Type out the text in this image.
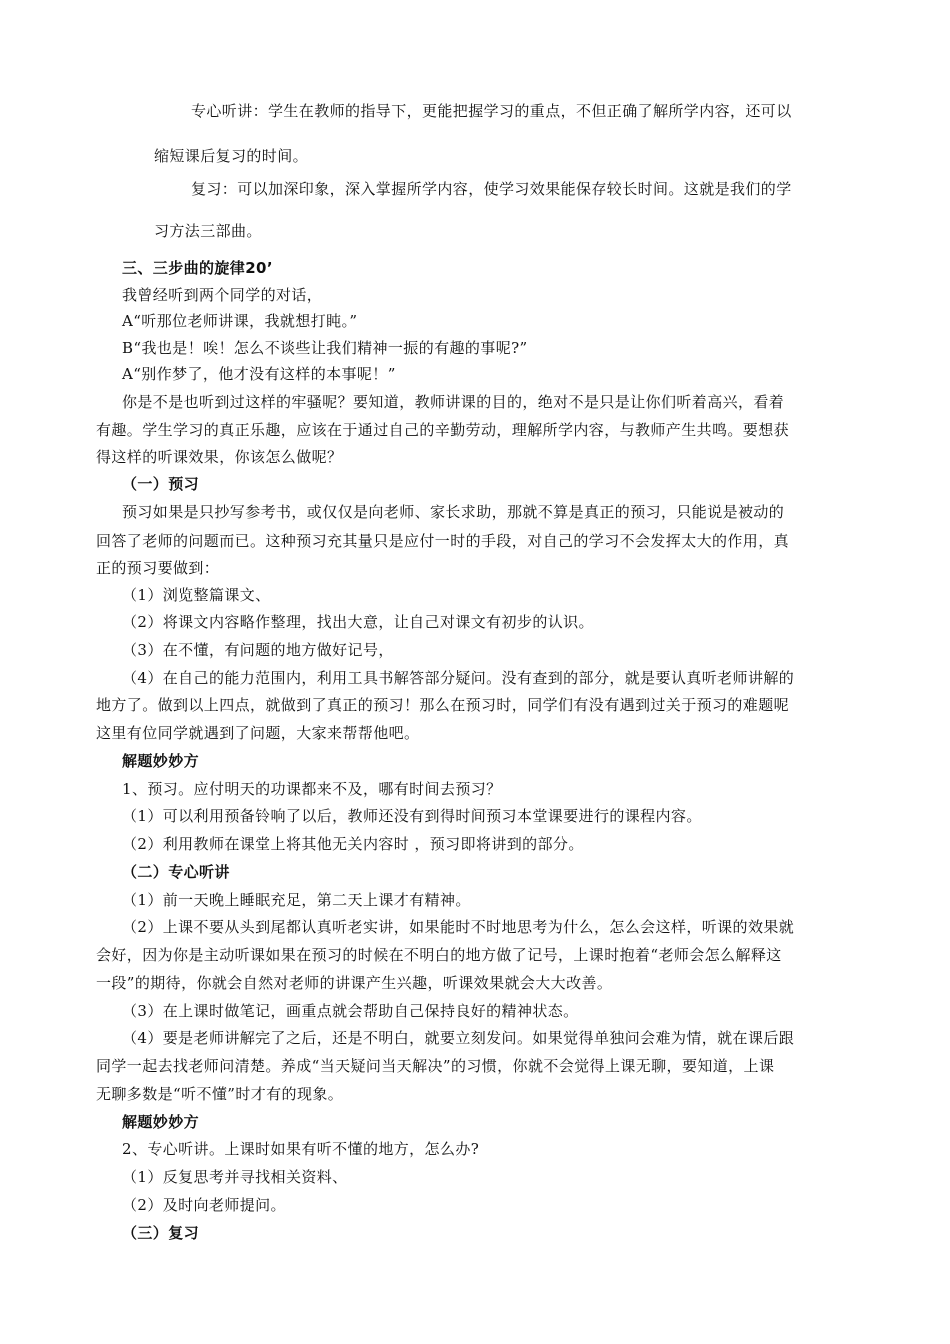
专心听讲：学生在教师的指导下，更能把握学习的重点，不但正确了解所学内容，还可以
缩短课后复习的时间。
复习：可以加深印象，深入掌握所学内容，使学习效果能保存较长时间。这就是我们的学
习方法三部曲。
三、三步曲的旋律20’
我曾经听到两个同学的对话，
A“听那位老师讲课，我就想打盹。”
B“我也是！唉！怎么不谈些让我们精神一振的有趣的事呢?”
A“别作梦了，他才没有这样的本事呢！”
你是不是也听到过这样的牢骚呢？要知道，教师讲课的目的，绝对不是只是让你们听着高兴，看着
有趣。学生学习的真正乐趣，应该在于通过自己的辛勤劳动，理解所学内容，与教师产生共鸣。要想获
得这样的听课效果，你该怎么做呢？
（一）预习
预习如果是只抄写参考书，或仅仅是向老师、家长求助，那就不算是真正的预习，只能说是被动的
回答了老师的问题而已。这种预习充其量只是应付一时的手段，对自己的学习不会发挥太大的作用，真
正的预习要做到：
（1）浏览整篇课文、
（2）将课文内容略作整理，找出大意，让自己对课文有初步的认识。
（3）在不懂，有问题的地方做好记号，
（4）在自己的能力范围内，利用工具书解答部分疑问。没有查到的部分，就是要认真听老师讲解的
地方了。做到以上四点，就做到了真正的预习！那么在预习时，同学们有没有遇到过关于预习的难题呢
这里有位同学就遇到了问题，大家来帮帮他吧。
解题妙妙方
1、预习。应付明天的功课都来不及，哪有时间去预习？
（1）可以利用预备铃响了以后，教师还没有到得时间预习本堂课要进行的课程内容。
（2）利用教师在课堂上将其他无关内容时 ，预习即将讲到的部分。
（二）专心听讲
（1）前一天晚上睡眠充足，第二天上课才有精神。
（2）上课不要从头到尾都认真听老实讲，如果能时不时地思考为什么，怎么会这样，听课的效果就
会好，因为你是主动听课如果在预习的时候在不明白的地方做了记号，上课时抱着“老师会怎么解释这
一段”的期待，你就会自然对老师的讲课产生兴趣，听课效果就会大大改善。
（3）在上课时做笔记，画重点就会帮助自己保持良好的精神状态。
（4）要是老师讲解完了之后，还是不明白，就要立刻发问。如果觉得单独问会难为情，就在课后跟
同学一起去找老师问清楚。养成“当天疑问当天解决”的习惯，你就不会觉得上课无聊，要知道，上课
无聊多数是“听不懂”时才有的现象。
解题妙妙方
2、专心听讲。上课时如果有听不懂的地方，怎么办?
（1）反复思考并寻找相关资料、
（2）及时向老师提问。
（三）复习
